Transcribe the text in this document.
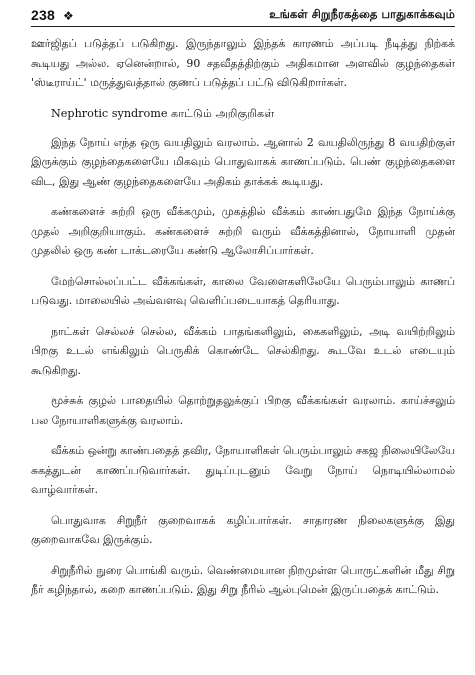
238 ❖	உங்கள் சிறுநீரகத்தை பாதுகாக்கவும்

ஊர்ஜிதப் படுத்தப் படுகிறது. இருந்தாலும் இந்தக் காரணம் அப்படி நீடித்து நிற்கக் கூடியது அல்ல. ஏனென்றால், 90 சதவீதத்திற்கும் அதிகமான அளவில் குழந்தைகள் 'ஸ்டீராய்ட்' மருத்துவத்தால் குணப் படுத்தப் பட்டு விடுகிறார்கள்.

Nephrotic syndrome காட்டும் அறிகுறிகள்

இந்த நோய் எந்த ஒரு வயதிலும் வரலாம். ஆனால் 2 வயதிலிருந்து 8 வயதிற்குள் இருக்கும் குழந்தைகளையே மிகவும் பொதுவாகக் காணப்படும். பெண் குழந்தைகளை விட, இது ஆண் குழந்தைகளையே அதிகம் தாக்கக் கூடியது.

கண்களைச் சுற்றி ஒரு வீக்கமும், முகத்தில் வீக்கம் காண்பதுமே இந்த நோய்க்கு முதல் அறிகுறியாகும். கண்களைச் சுற்றி வரும் வீக்கத்தினால், நோயாளி முதன் முதலில் ஒரு கண் டாக்டரையே கண்டு ஆலோசிப்பார்கள்.

மேற்சொல்லப்பட்ட வீக்கங்கள், காலை வேளைகளிலேயே பெரும்பாலும் காணப் படுவது. மாலையில் அவ்வளவு வெளிப்படையாகத் தெரியாது.

நாட்கள் செல்லச் செல்ல, வீக்கம் பாதங்களிலும், கைகளிலும், அடி வயிற்றிலும் பிறகு உடல் எங்கிலும் பெருகிக் கொண்டே செல்கிறது. கூடவே உடல் எடையும் கூடுகிறது.

மூச்சுக் குழல் பாதையில் தொற்றுதலுக்குப் பிறகு வீக்கங்கள் வரலாம். காய்ச்சலும் பல நோயாளிகளுக்கு வரலாம்.

வீக்கம் ஒன்று காண்பதைத் தவிர, நோயாளிகள் பெரும்பாலும் சகஜ நிலையிலேயே சுகத்துடன் காணப்படுவார்கள். துடிப்புடனும் வேறு நோய் நொடியில்லாமல் வாழ்வார்கள்.

பொதுவாக சிறுநீர் குறைவாகக் கழிப்பார்கள். சாதாரண நிலைகளுக்கு இது குறைவாகவே இருக்கும்.

சிறுநீரில் நுரை பொங்கி வரும். வெண்மையான நிறமுள்ள பொருட்களின் மீது சிறு நீர் கழிந்தால், கறை காணப்படும். இது சிறு நீரில் ஆல்புமென் இருப்பதைக் காட்டும்.
